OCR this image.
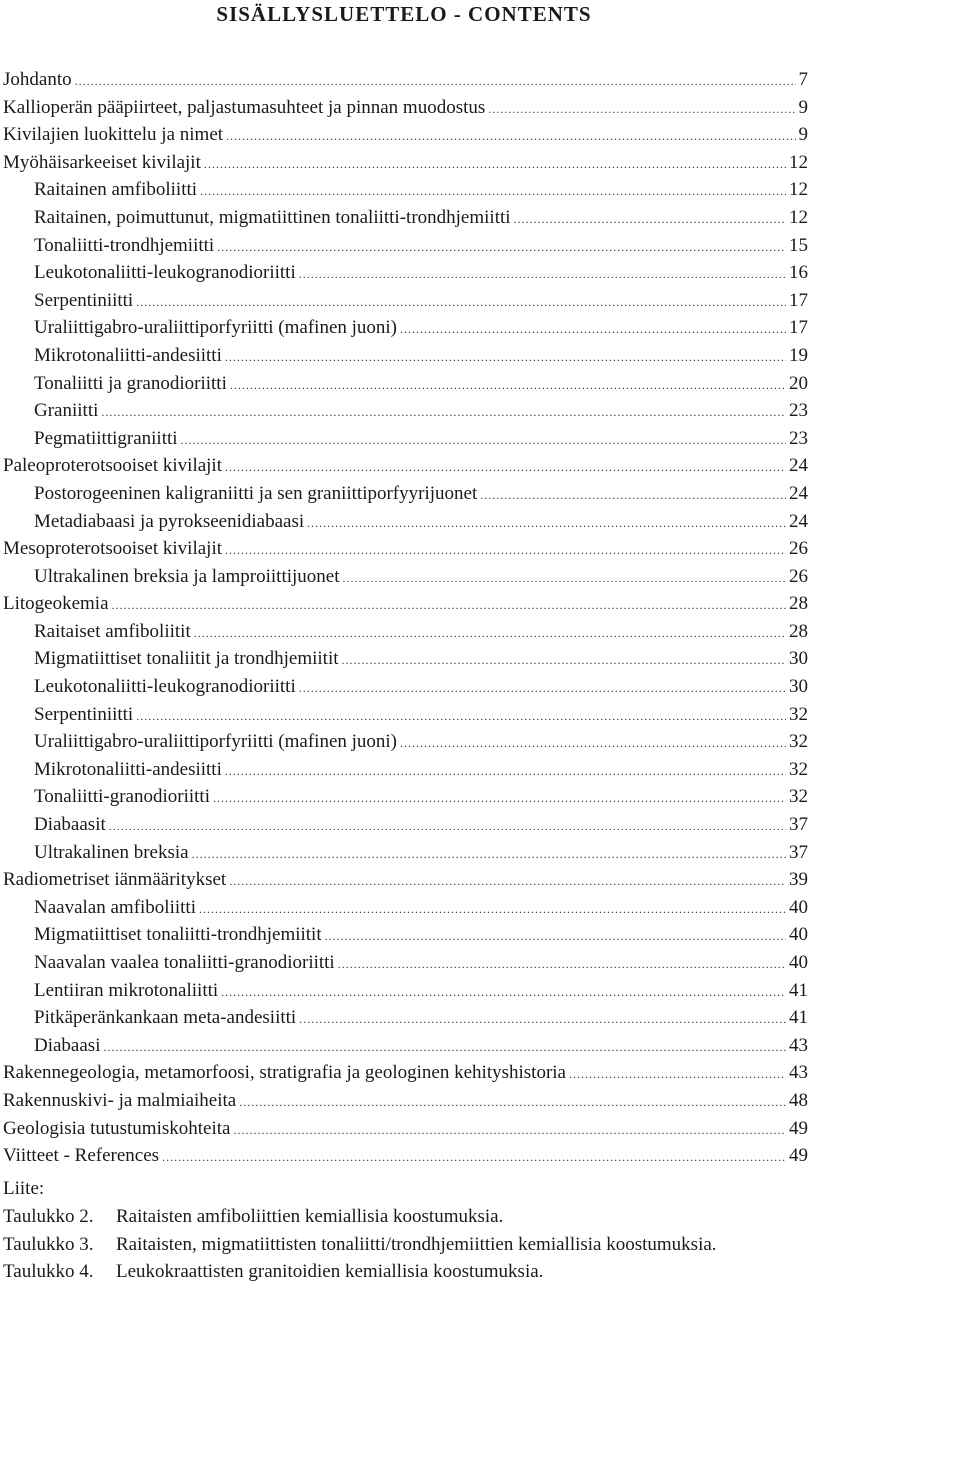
SISÄLLYSLUETTELO - CONTENTS
Johdanto .....	7
Kallioperän pääpiirteet, paljastumasuhteet ja pinnan muodostus .....	9
Kivilajien luokittelu ja nimet .....	9
Myöhäisarkeeiset kivilajit .....	12
Raitainen amfiboliitti .....	12
Raitainen, poimuttunut, migmatiittinen tonaliitti-trondhjemiitti .....	12
Tonaliitti-trondhjemiitti .....	15
Leukotonaliitti-leukogranodioriitti .....	16
Serpentiniitti .....	17
Uraliittigabro-uraliittiporfyriitti (mafinen juoni) .....	17
Mikrotonaliitti-andesiitti .....	19
Tonaliitti ja granodioriitti .....	20
Graniitti .....	23
Pegmatiittigraniitti .....	23
Paleoproterotsooiset kivilajit .....	24
Postorogeeninen kaligraniitti ja sen graniittiporfyyrijuonet .....	24
Metadiabaasi ja pyrokseenidiabaasi .....	24
Mesoproterotsooiset kivilajit .....	26
Ultrakalinen breksia ja lamproiittijuonet .....	26
Litogeokemia .....	28
Raitaiset amfiboliitit .....	28
Migmatiittiset tonaliitit ja trondhjemiitit .....	30
Leukotonaliitti-leukogranodioriitti .....	30
Serpentiniitti .....	32
Uraliittigabro-uraliittiporfyriitti (mafinen juoni) .....	32
Mikrotonaliitti-andesiitti .....	32
Tonaliitti-granodioriitti .....	32
Diabaasit .....	37
Ultrakalinen breksia .....	37
Radiometriset iänmääritykset .....	39
Naavalan amfiboliitti .....	40
Migmatiittiset tonaliitti-trondhjemiitit .....	40
Naavalan vaalea tonaliitti-granodioriitti .....	40
Lentiiran mikrotonaliitti .....	41
Pitkäperänkankaan meta-andesiitti .....	41
Diabaasi .....	43
Rakennegeologia, metamorfoosi, stratigrafia ja geologinen kehityshistoria .....	43
Rakennuskivi- ja malmiaiheita .....	48
Geologisia tutustumiskohteita .....	49
Viitteet - References .....	49
Liite:
Taulukko 2.	Raitaisten amfiboliittien kemiallisia koostumuksia.
Taulukko 3.	Raitaisten, migmatiittisten tonaliitti/trondhjemiittien kemiallisia koostumuksia.
Taulukko 4.	Leukokraattisten granitoidien kemiallisia koostumuksia.
